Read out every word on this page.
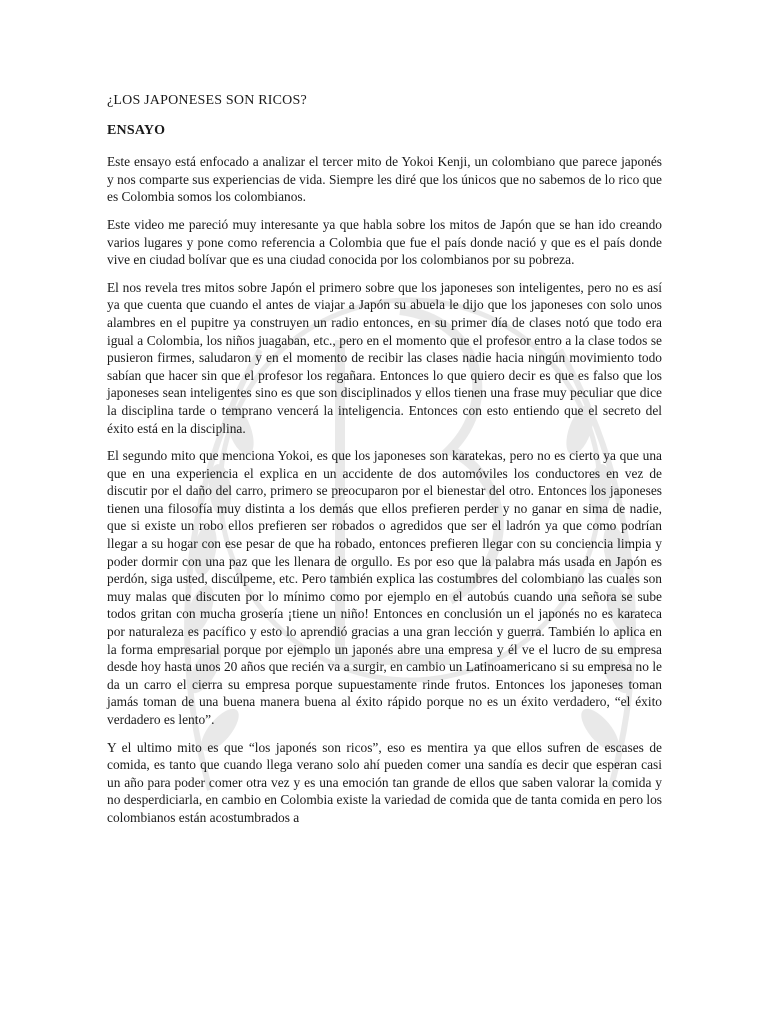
¿LOS JAPONESES SON RICOS?

ENSAYO

Este ensayo está enfocado a analizar el tercer mito de Yokoi Kenji, un colombiano que parece japonés y nos comparte sus experiencias de vida. Siempre les diré que los únicos que no sabemos de lo rico que es Colombia somos los colombianos.

Este video me pareció muy interesante ya que habla sobre los mitos de Japón que se han ido creando varios lugares y pone como referencia a Colombia que fue el país donde nació y que es el país donde vive en ciudad bolívar que es una ciudad conocida por los colombianos por su pobreza.

El nos revela tres mitos sobre Japón el primero sobre que los japoneses son inteligentes, pero no es así ya que cuenta que cuando el antes de viajar a Japón su abuela le dijo que los japoneses con solo unos alambres en el pupitre ya construyen un radio entonces, en su primer día de clases notó que todo era igual a Colombia, los niños juagaban, etc., pero en el momento que el profesor entro a la clase todos se pusieron firmes, saludaron y en el momento de recibir las clases nadie hacia ningún movimiento todo sabían que hacer sin que el profesor los regañara. Entonces lo que quiero decir es que es falso que los japoneses sean inteligentes sino es que son disciplinados y ellos tienen una frase muy peculiar que dice la disciplina tarde o temprano vencerá la inteligencia. Entonces con esto entiendo que el secreto del éxito está en la disciplina.

El segundo mito que menciona Yokoi, es que los japoneses son karatekas, pero no es cierto ya que una que en una experiencia el explica en un accidente de dos automóviles los conductores en vez de discutir por el daño del carro, primero se preocuparon por el bienestar del otro. Entonces los japoneses tienen una filosofía muy distinta a los demás que ellos prefieren perder y no ganar en sima de nadie, que si existe un robo ellos prefieren ser robados o agredidos que ser el ladrón ya que como podrían llegar a su hogar con ese pesar de que ha robado, entonces prefieren llegar con su conciencia limpia y poder dormir con una paz que les llenara de orgullo. Es por eso que la palabra más usada en Japón es perdón, siga usted, discúlpeme, etc. Pero también explica las costumbres del colombiano las cuales son muy malas que discuten por lo mínimo como por ejemplo en el autobús cuando una señora se sube todos gritan con mucha grosería ¡tiene un niño! Entonces en conclusión un el japonés no es karateca por naturaleza es pacífico y esto lo aprendió gracias a una gran lección y guerra. También lo aplica en la forma empresarial porque por ejemplo un japonés abre una empresa y él ve el lucro de su empresa desde hoy hasta unos 20 años que recién va a surgir, en cambio un Latinoamericano si su empresa no le da un carro el cierra su empresa porque supuestamente rinde frutos. Entonces los japoneses toman jamás toman de una buena manera buena al éxito rápido porque no es un éxito verdadero, “el éxito verdadero es lento”.

Y el ultimo mito es que “los japonés son ricos”, eso es mentira ya que ellos sufren de escases de comida, es tanto que cuando llega verano solo ahí pueden comer una sandía es decir que esperan casi un año para poder comer otra vez y es una emoción tan grande de ellos que saben valorar la comida y no desperdiciarla, en cambio en Colombia existe la variedad de comida que de tanta comida en pero los colombianos están acostumbrados a
